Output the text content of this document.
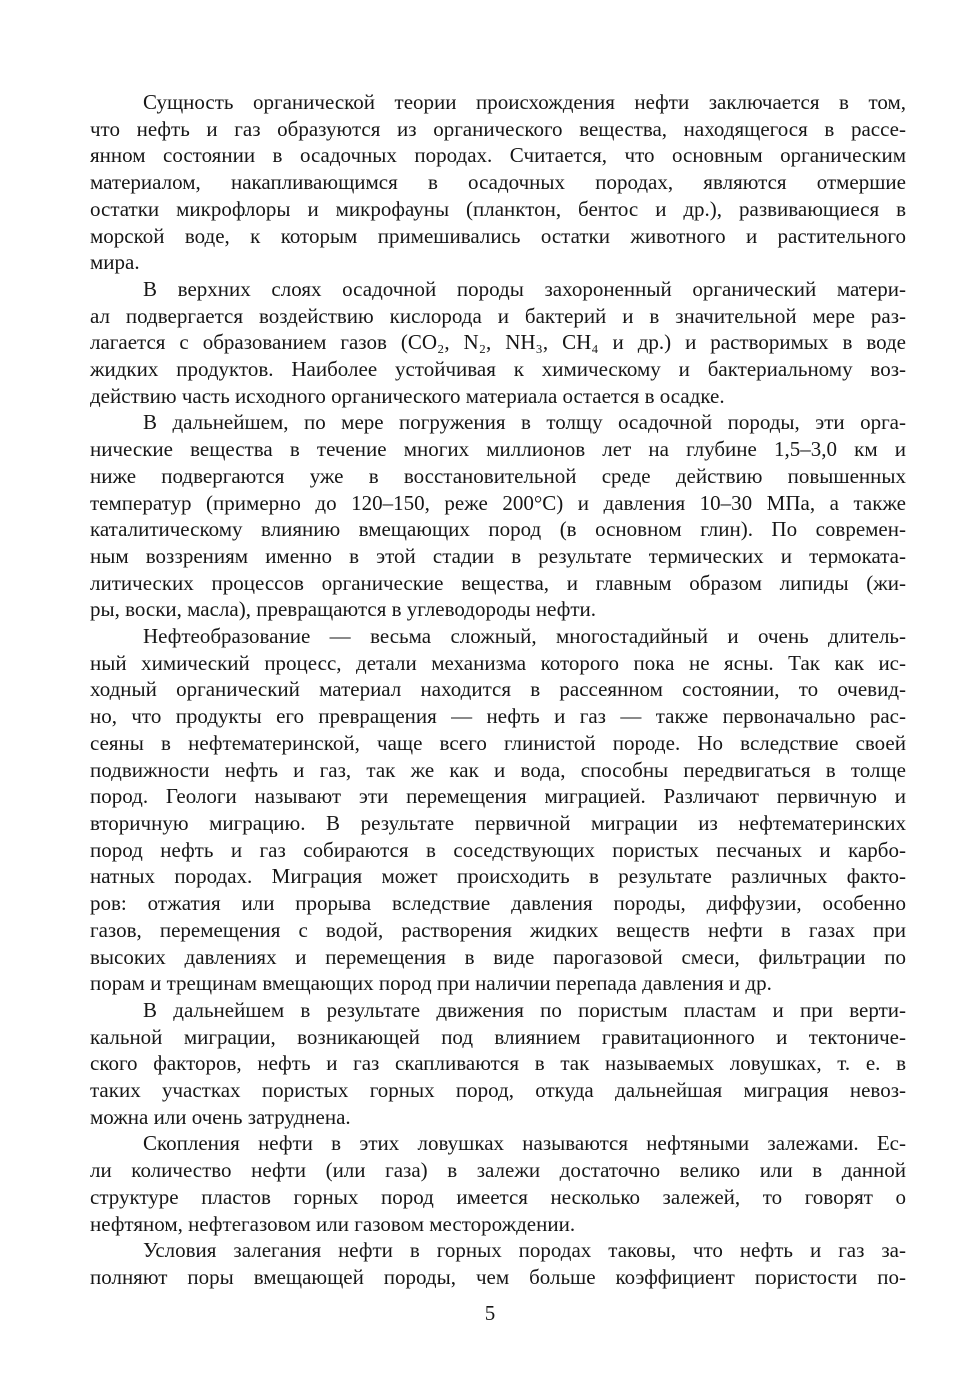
Сущность органической теории происхождения нефти заключается в том,
что нефть и газ образуются из органического вещества, находящегося в рассе-
янном состоянии в осадочных породах. Считается, что основным органическим
материалом, накапливающимся в осадочных породах, являются отмершие
остатки микрофлоры и микрофауны (планктон, бентос и др.), развивающиеся в
морской воде, к которым примешивались остатки животного и растительного
мира.
В верхних слоях осадочной породы захороненный органический матери-
ал подвергается воздействию кислорода и бактерий и в значительной мере раз-
лагается с образованием газов (CO₂, N₂, NH₃, CH₄ и др.) и растворимых в воде
жидких продуктов. Наиболее устойчивая к химическому и бактериальному воз-
действию часть исходного органического материала остается в осадке.
В дальнейшем, по мере погружения в толщу осадочной породы, эти орга-
нические вещества в течение многих миллионов лет на глубине 1,5–3,0 км и
ниже подвергаются уже в восстановительной среде действию повышенных
температур (примерно до 120–150, реже 200°С) и давления 10–30 МПа, а также
каталитическому влиянию вмещающих пород (в основном глин). По современ-
ным воззрениям именно в этой стадии в результате термических и термоката-
литических процессов органические вещества, и главным образом липиды (жи-
ры, воски, масла), превращаются в углеводороды нефти.
Нефтеобразование — весьма сложный, многостадийный и очень длитель-
ный химический процесс, детали механизма которого пока не ясны. Так как ис-
ходный органический материал находится в рассеянном состоянии, то очевид-
но, что продукты его превращения — нефть и газ — также первоначально рас-
сеяны в нефтематеринской, чаще всего глинистой породе. Но вследствие своей
подвижности нефть и газ, так же как и вода, способны передвигаться в толще
пород. Геологи называют эти перемещения миграцией. Различают первичную и
вторичную миграцию. В результате первичной миграции из нефтематеринских
пород нефть и газ собираются в соседствующих пористых песчаных и карбо-
натных породах. Миграция может происходить в результате различных факто-
ров: отжатия или прорыва вследствие давления породы, диффузии, особенно
газов, перемещения с водой, растворения жидких веществ нефти в газах при
высоких давлениях и перемещения в виде парогазовой смеси, фильтрации по
порам и трещинам вмещающих пород при наличии перепада давления и др.
В дальнейшем в результате движения по пористым пластам и при верти-
кальной миграции, возникающей под влиянием гравитационного и тектониче-
ского факторов, нефть и газ скапливаются в так называемых ловушках, т. е. в
таких участках пористых горных пород, откуда дальнейшая миграция невоз-
можна или очень затруднена.
Скопления нефти в этих ловушках называются нефтяными залежами. Ес-
ли количество нефти (или газа) в залежи достаточно велико или в данной
структуре пластов горных пород имеется несколько залежей, то говорят о
нефтяном, нефтегазовом или газовом месторождении.
Условия залегания нефти в горных породах таковы, что нефть и газ за-
полняют поры вмещающей породы, чем больше коэффициент пористости по-
5
